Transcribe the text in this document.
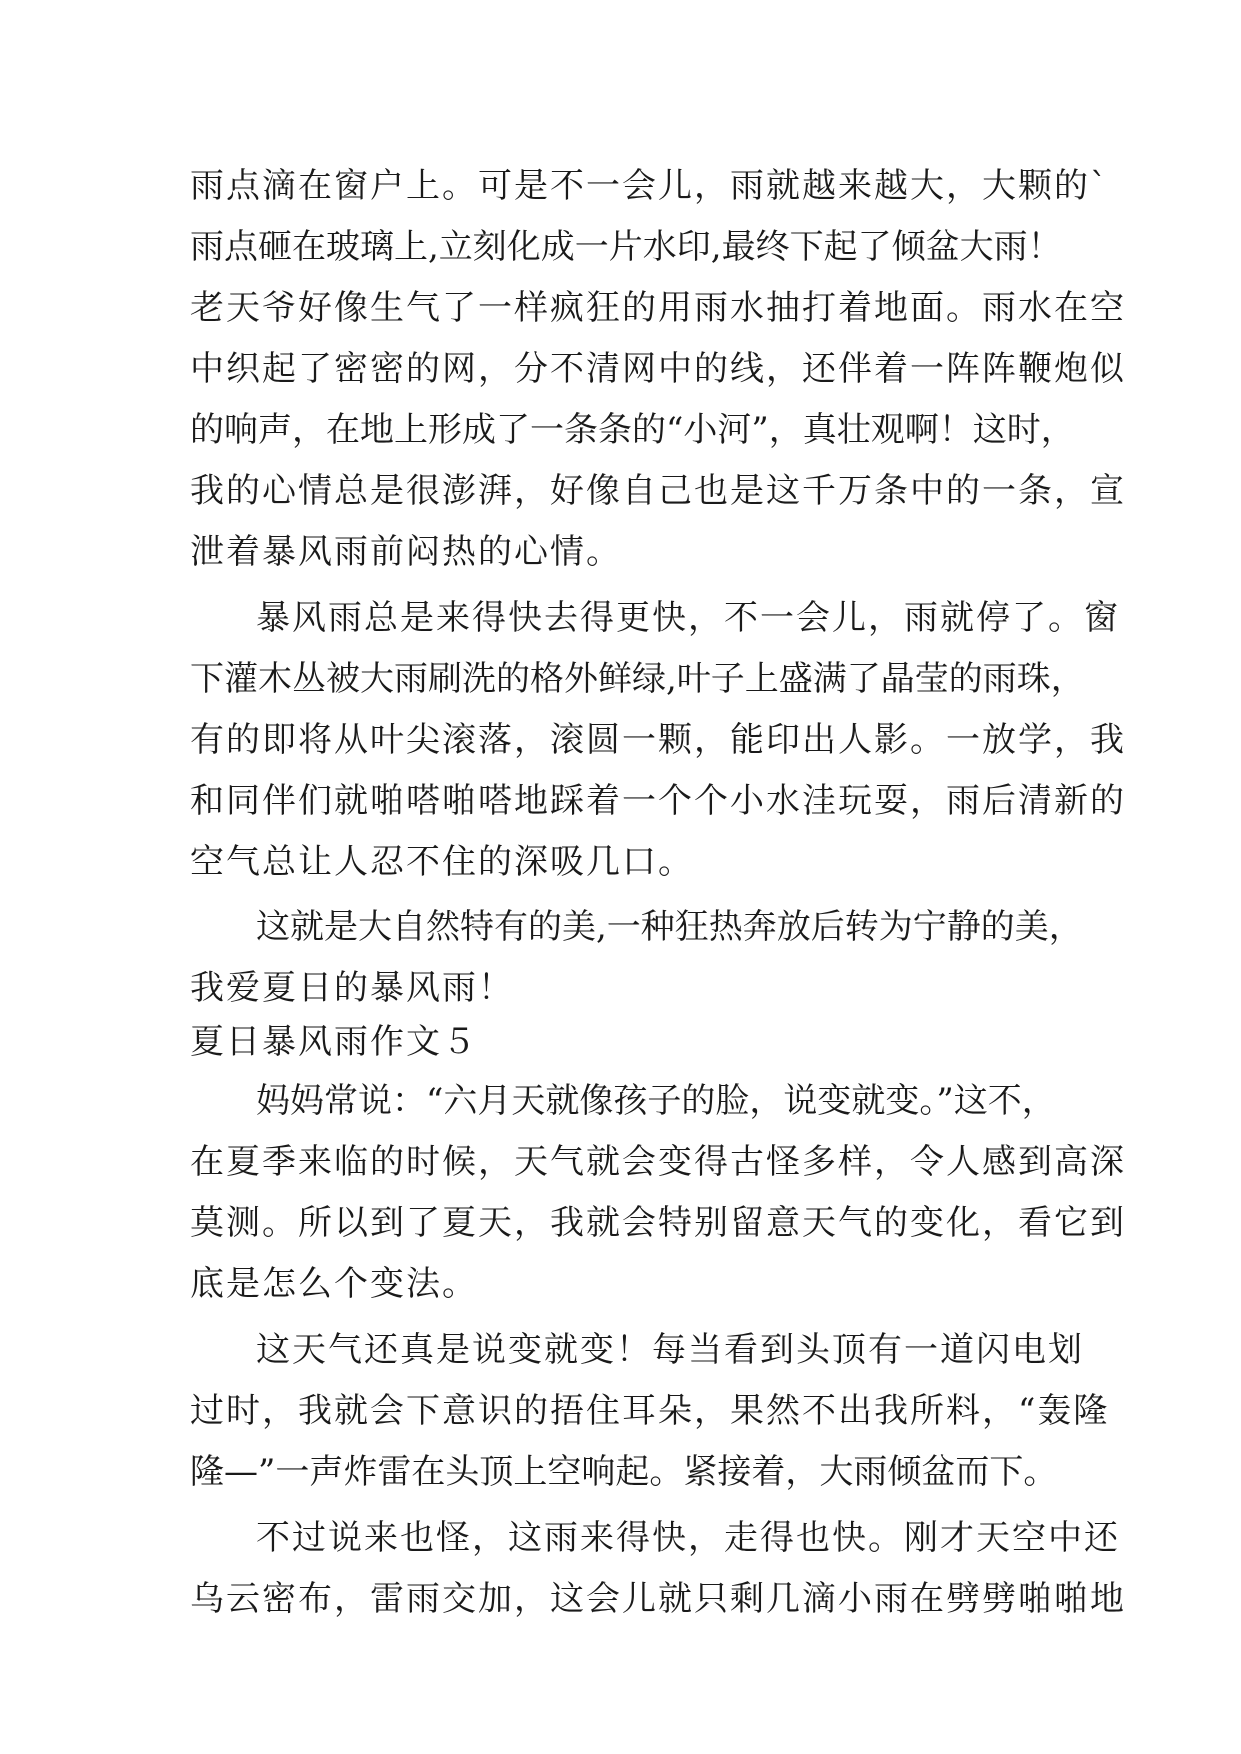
雨点滴在窗户上。可是不一会儿，雨就越来越大，大颗的`
雨点砸在玻璃上,立刻化成一片水印,最终下起了倾盆大雨！
老天爷好像生气了一样疯狂的用雨水抽打着地面。雨水在空
中织起了密密的网，分不清网中的线，还伴着一阵阵鞭炮似
的响声，在地上形成了一条条的“小河”，真壮观啊！这时，
我的心情总是很澎湃，好像自己也是这千万条中的一条，宣
泄着暴风雨前闷热的心情。
暴风雨总是来得快去得更快，不一会儿，雨就停了。窗
下灌木丛被大雨刷洗的格外鲜绿,叶子上盛满了晶莹的雨珠，
有的即将从叶尖滚落，滚圆一颗，能印出人影。一放学，我
和同伴们就啪嗒啪嗒地踩着一个个小水洼玩耍，雨后清新的
空气总让人忍不住的深吸几口。
这就是大自然特有的美,一种狂热奔放后转为宁静的美，
我爱夏日的暴风雨！
夏日暴风雨作文５
妈妈常说：“六月天就像孩子的脸，说变就变。”这不，
在夏季来临的时候，天气就会变得古怪多样，令人感到高深
莫测。所以到了夏天，我就会特别留意天气的变化，看它到
底是怎么个变法。
这天气还真是说变就变！每当看到头顶有一道闪电划
过时，我就会下意识的捂住耳朵，果然不出我所料，“轰隆
隆—”一声炸雷在头顶上空响起。紧接着，大雨倾盆而下。
不过说来也怪，这雨来得快，走得也快。刚才天空中还
乌云密布，雷雨交加，这会儿就只剩几滴小雨在劈劈啪啪地
